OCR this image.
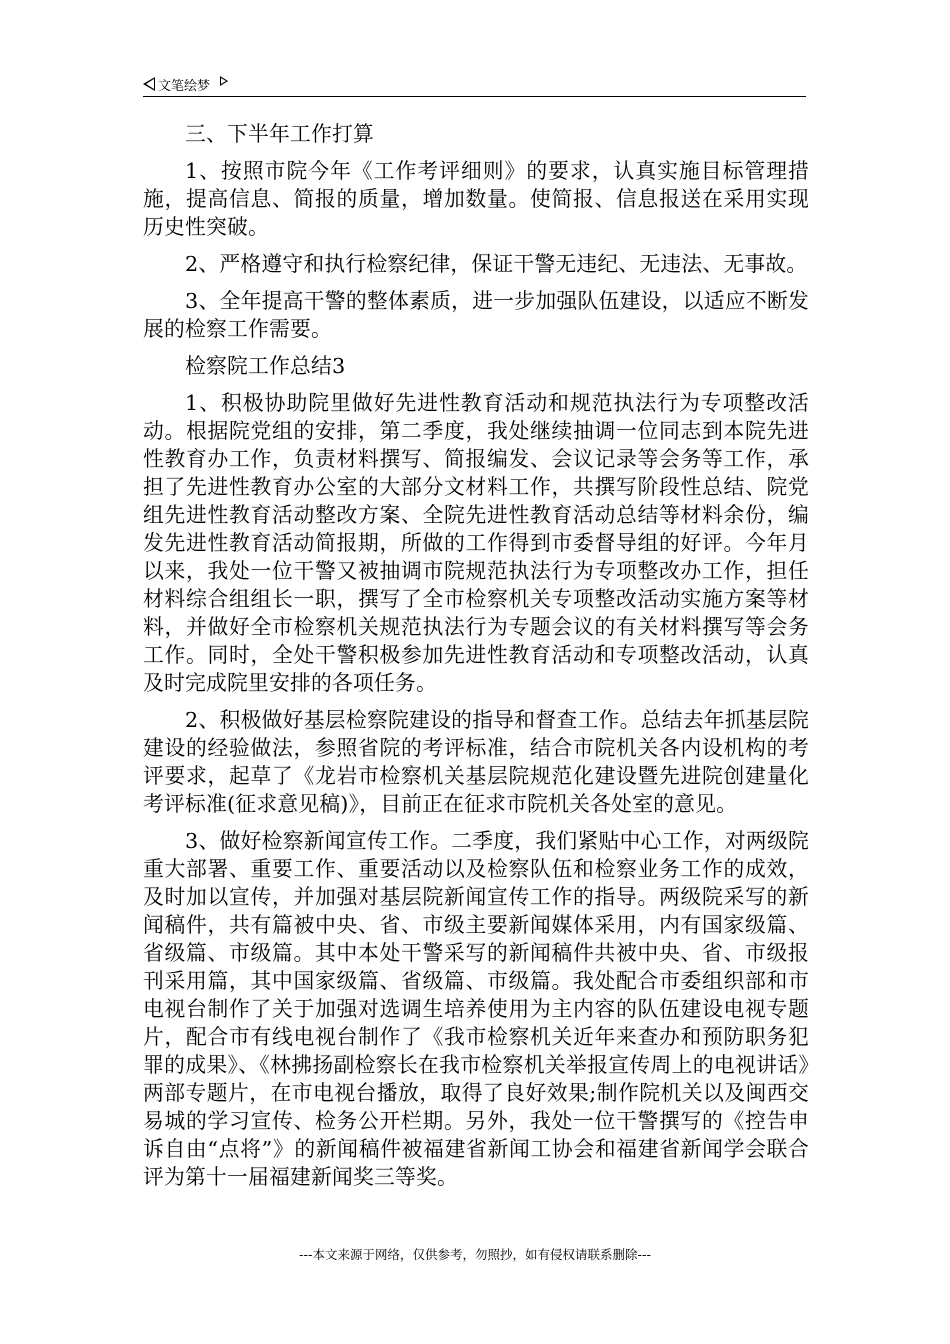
文笔绘梦

三、下半年工作打算

1、按照市院今年《工作考评细则》的要求，认真实施目标管理措施，提高信息、简报的质量，增加数量。使简报、信息报送在采用实现历史性突破。

2、严格遵守和执行检察纪律，保证干警无违纪、无违法、无事故。

3、全年提高干警的整体素质，进一步加强队伍建设，以适应不断发展的检察工作需要。

检察院工作总结3

1、积极协助院里做好先进性教育活动和规范执法行为专项整改活动。根据院党组的安排，第二季度，我处继续抽调一位同志到本院先进性教育办工作，负责材料撰写、简报编发、会议记录等会务等工作，承担了先进性教育办公室的大部分文材料工作，共撰写阶段性总结、院党组先进性教育活动整改方案、全院先进性教育活动总结等材料余份，编发先进性教育活动简报期，所做的工作得到市委督导组的好评。今年月以来，我处一位干警又被抽调市院规范执法行为专项整改办工作，担任材料综合组组长一职，撰写了全市检察机关专项整改活动实施方案等材料，并做好全市检察机关规范执法行为专题会议的有关材料撰写等会务工作。同时，全处干警积极参加先进性教育活动和专项整改活动，认真及时完成院里安排的各项任务。

2、积极做好基层检察院建设的指导和督查工作。总结去年抓基层院建设的经验做法，参照省院的考评标准，结合市院机关各内设机构的考评要求，起草了《龙岩市检察机关基层院规范化建设暨先进院创建量化考评标准(征求意见稿)》，目前正在征求市院机关各处室的意见。

3、做好检察新闻宣传工作。二季度，我们紧贴中心工作，对两级院重大部署、重要工作、重要活动以及检察队伍和检察业务工作的成效，及时加以宣传，并加强对基层院新闻宣传工作的指导。两级院采写的新闻稿件，共有篇被中央、省、市级主要新闻媒体采用，内有国家级篇、省级篇、市级篇。其中本处干警采写的新闻稿件共被中央、省、市级报刊采用篇，其中国家级篇、省级篇、市级篇。我处配合市委组织部和市电视台制作了关于加强对选调生培养使用为主内容的队伍建设电视专题片，配合市有线电视台制作了《我市检察机关近年来查办和预防职务犯罪的成果》、《林拂扬副检察长在我市检察机关举报宣传周上的电视讲话》两部专题片，在市电视台播放，取得了良好效果;制作院机关以及闽西交易城的学习宣传、检务公开栏期。另外，我处一位干警撰写的《控告申诉自由“点将”》的新闻稿件被福建省新闻工协会和福建省新闻学会联合评为第十一届福建新闻奖三等奖。

---本文来源于网络，仅供参考，勿照抄，如有侵权请联系删除---
